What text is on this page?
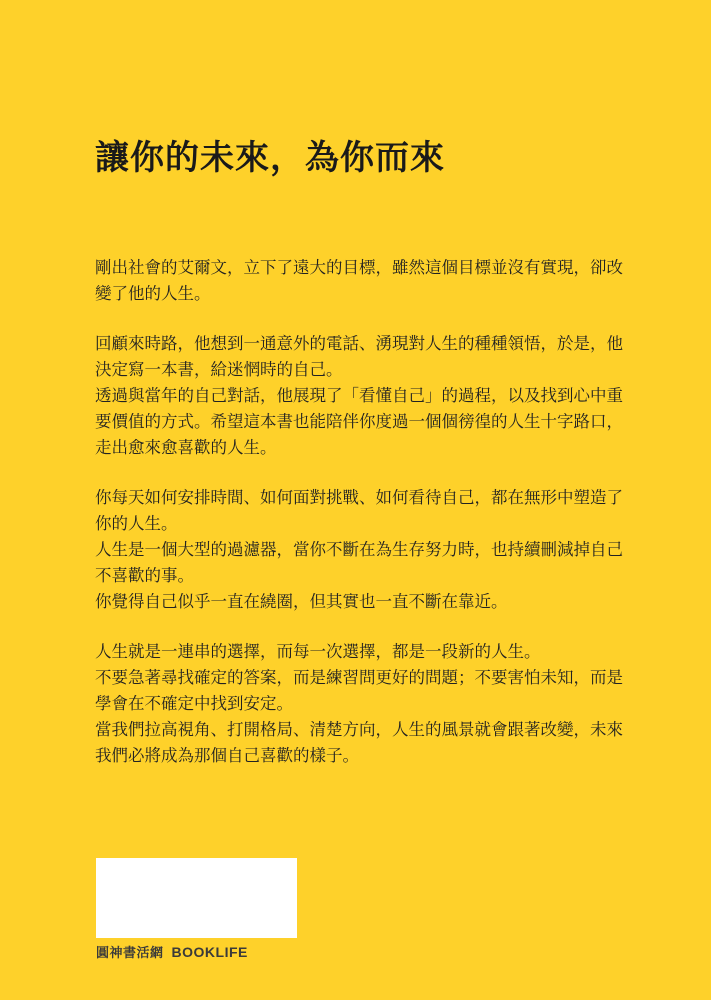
讓你的未來，為你而來

剛出社會的艾爾文，立下了遠大的目標，雖然這個目標並沒有實現，卻改
變了他的人生。

回顧來時路，他想到一通意外的電話、湧現對人生的種種領悟，於是，他
決定寫一本書，給迷惘時的自己。
透過與當年的自己對話，他展現了「看懂自己」的過程，以及找到心中重
要價值的方式。希望這本書也能陪伴你度過一個個徬徨的人生十字路口，
走出愈來愈喜歡的人生。

你每天如何安排時間、如何面對挑戰、如何看待自己，都在無形中塑造了
你的人生。
人生是一個大型的過濾器，當你不斷在為生存努力時，也持續刪減掉自己
不喜歡的事。
你覺得自己似乎一直在繞圈，但其實也一直不斷在靠近。

人生就是一連串的選擇，而每一次選擇，都是一段新的人生。
不要急著尋找確定的答案，而是練習問更好的問題；不要害怕未知，而是
學會在不確定中找到安定。
當我們拉高視角、打開格局、清楚方向，人生的風景就會跟著改變，未來
我們必將成為那個自己喜歡的樣子。

圓神書活網 BOOKLIFE
